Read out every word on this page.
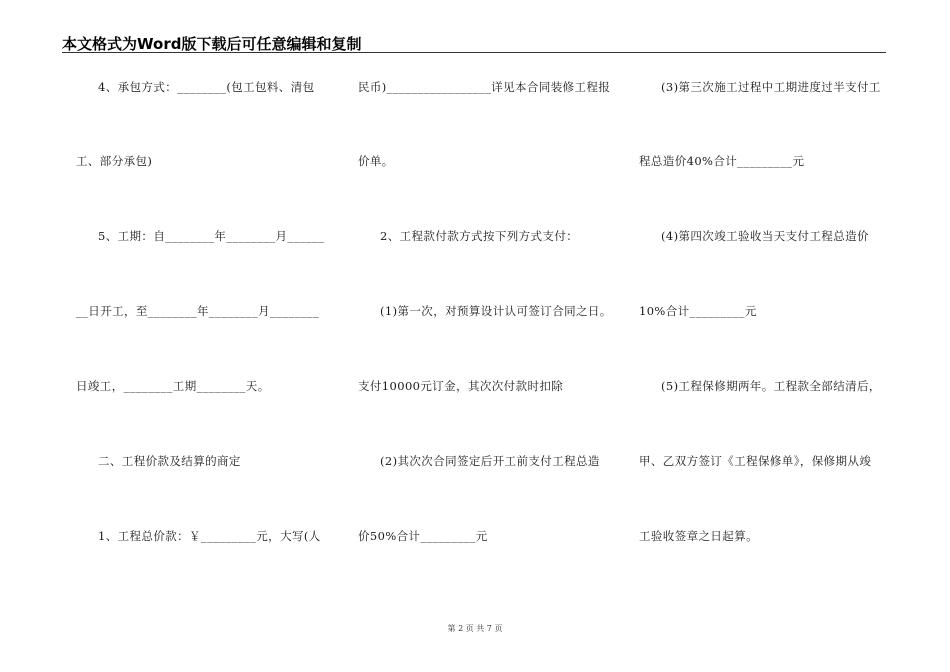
本文格式为Word版下载后可任意编辑和复制
4、承包方式：________(包工包料、清包
工、部分承包)
5、工期：自________年________月______
__日开工，至________年________月________
日竣工，________工期________天。
二、工程价款及结算的商定
1、工程总价款：￥_________元，大写(人
民币)_________________详见本合同装修工程报
价单。
2、工程款付款方式按下列方式支付：
(1)第一次，对预算设计认可签订合同之日。
支付10000元订金，其次次付款时扣除
(2)其次次合同签定后开工前支付工程总造
价50%合计_________元
(3)第三次施工过程中工期进度过半支付工
程总造价40%合计_________元
(4)第四次竣工验收当天支付工程总造价
10%合计_________元
(5)工程保修期两年。工程款全部结清后，
甲、乙双方签订《工程保修单》，保修期从竣
工验收签章之日起算。
第 2 页 共 7 页
